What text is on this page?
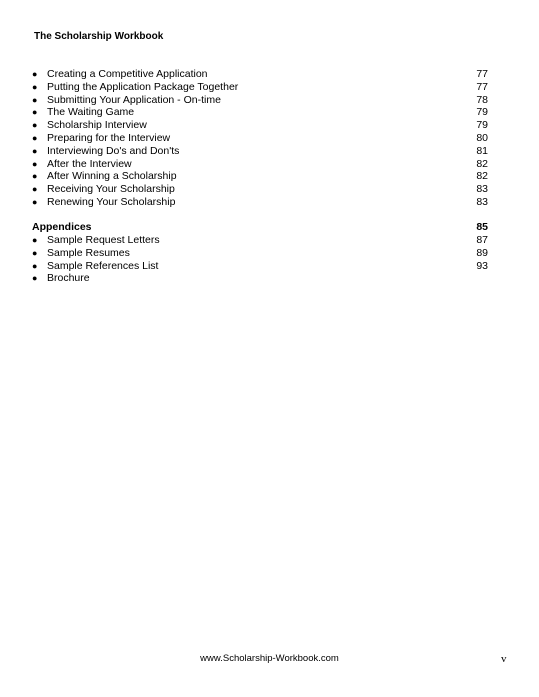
The Scholarship Workbook
● Creating a Competitive Application	77
● Putting the Application Package Together	77
● Submitting Your Application - On-time	78
● The Waiting Game	79
● Scholarship Interview	79
● Preparing for the Interview	80
● Interviewing Do's and Don'ts	81
● After the Interview	82
● After Winning a Scholarship	82
● Receiving Your Scholarship	83
● Renewing Your Scholarship	83
Appendices	85
● Sample Request Letters	87
● Sample Resumes	89
● Sample References List	93
● Brochure
www.Scholarship-Workbook.com	v
